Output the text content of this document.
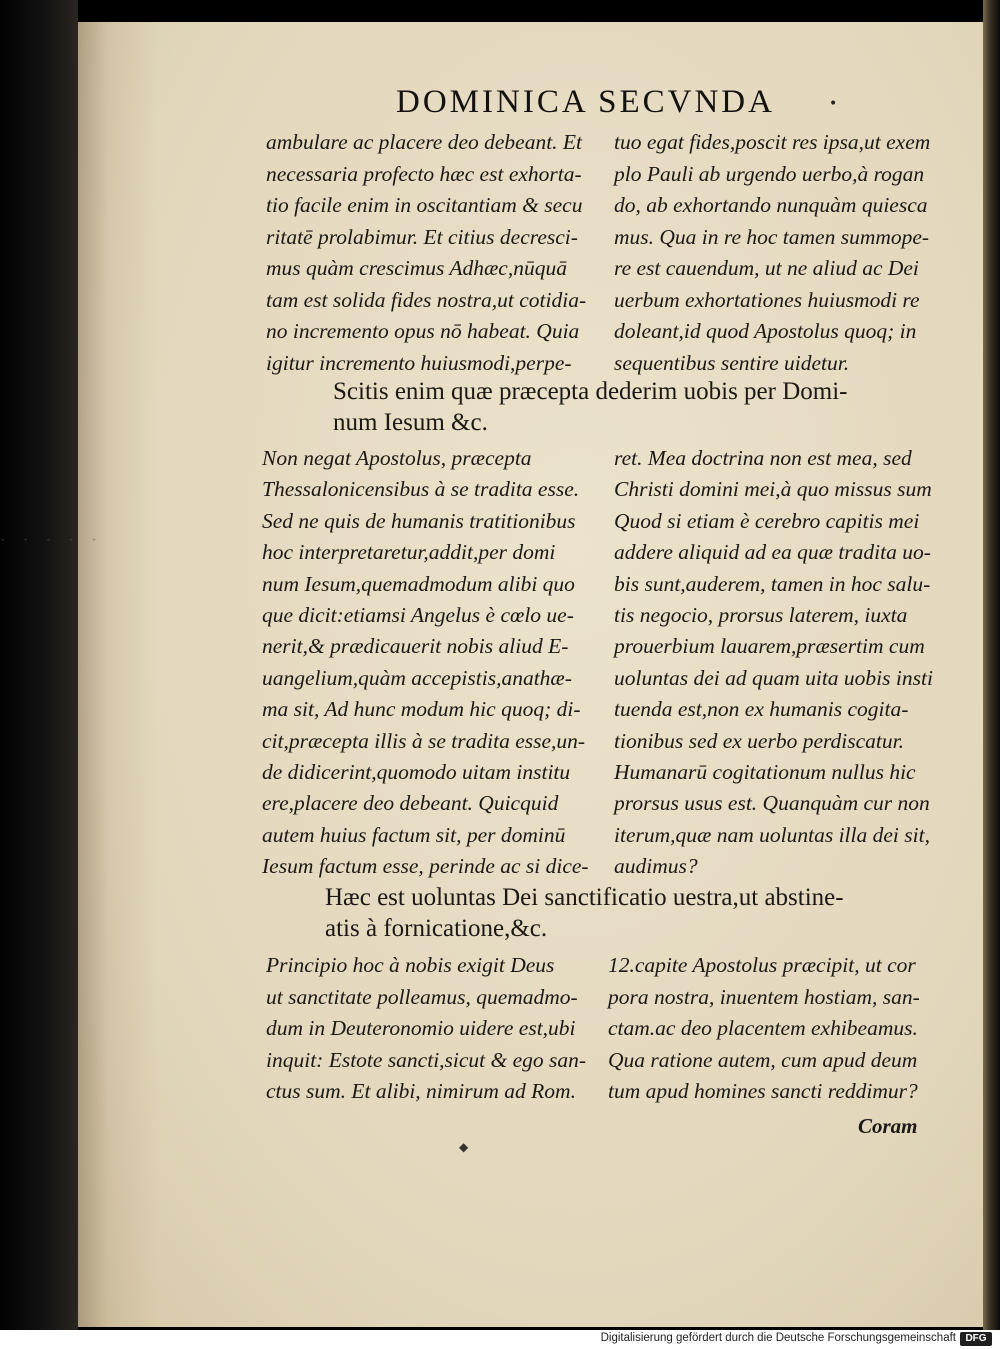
- - - - -
DOMINICA SECVNDA	•
ambulare ac placere deo debeant. Et
necessaria profecto hæc est exhorta-
tio facile enim in oscitantiam & secu
ritatē prolabimur. Et citius decresci-
mus quàm crescimus Adhæc,nūquā
tam est solida fides nostra,ut cotidia-
no incremento opus nō habeat. Quia
igitur incremento huiusmodi,perpe-
tuo egat fides,poscit res ipsa,ut exem
plo Pauli ab urgendo uerbo,à rogan
do, ab exhortando nunquàm quiesca
mus. Qua in re hoc tamen summope-
re est cauendum, ut ne aliud ac Dei
uerbum exhortationes huiusmodi re
doleant,id quod Apostolus quoq; in
sequentibus sentire uidetur.
Scitis enim quæ præcepta dederim uobis per Domi-
num Iesum &c.
Non negat Apostolus, præcepta
Thessalonicensibus à se tradita esse.
Sed ne quis de humanis tratitionibus
hoc interpretaretur,addit,per domi
num Iesum,quemadmodum alibi quo
que dicit:etiamsi Angelus è cœlo ue-
nerit,& prædicauerit nobis aliud E-
uangelium,quàm accepistis,anathæ-
ma sit, Ad hunc modum hic quoq; di-
cit,præcepta illis à se tradita esse,un-
de didicerint,quomodo uitam institu
ere,placere deo debeant. Quicquid
autem huius factum sit, per dominū
Iesum factum esse, perinde ac si dice-
ret. Mea doctrina non est mea, sed
Christi domini mei,à quo missus sum
Quod si etiam è cerebro capitis mei
addere aliquid ad ea quæ tradita uo-
bis sunt,auderem, tamen in hoc salu-
tis negocio, prorsus laterem, iuxta
prouerbium lauarem,præsertim cum
uoluntas dei ad quam uita uobis insti
tuenda est,non ex humanis cogita-
tionibus sed ex uerbo perdiscatur.
Humanarū cogitationum nullus hic
prorsus usus est. Quanquàm cur non
iterum,quæ nam uoluntas illa dei sit,
audimus?
Hæc est uoluntas Dei sanctificatio uestra,ut abstine-
atis à fornicatione,&c.
Principio hoc à nobis exigit Deus
ut sanctitate polleamus, quemadmo-
dum in Deuteronomio uidere est,ubi
inquit: Estote sancti,sicut & ego san-
ctus sum. Et alibi, nimirum ad Rom.
12.capite Apostolus præcipit, ut cor
pora nostra, inuentem hostiam, san-
ctam.ac deo placentem exhibeamus.
Qua ratione autem, cum apud deum
tum apud homines sancti reddimur?
Coram
◆
Digitalisierung gefördert durch die Deutsche Forschungsgemeinschaft DFG
